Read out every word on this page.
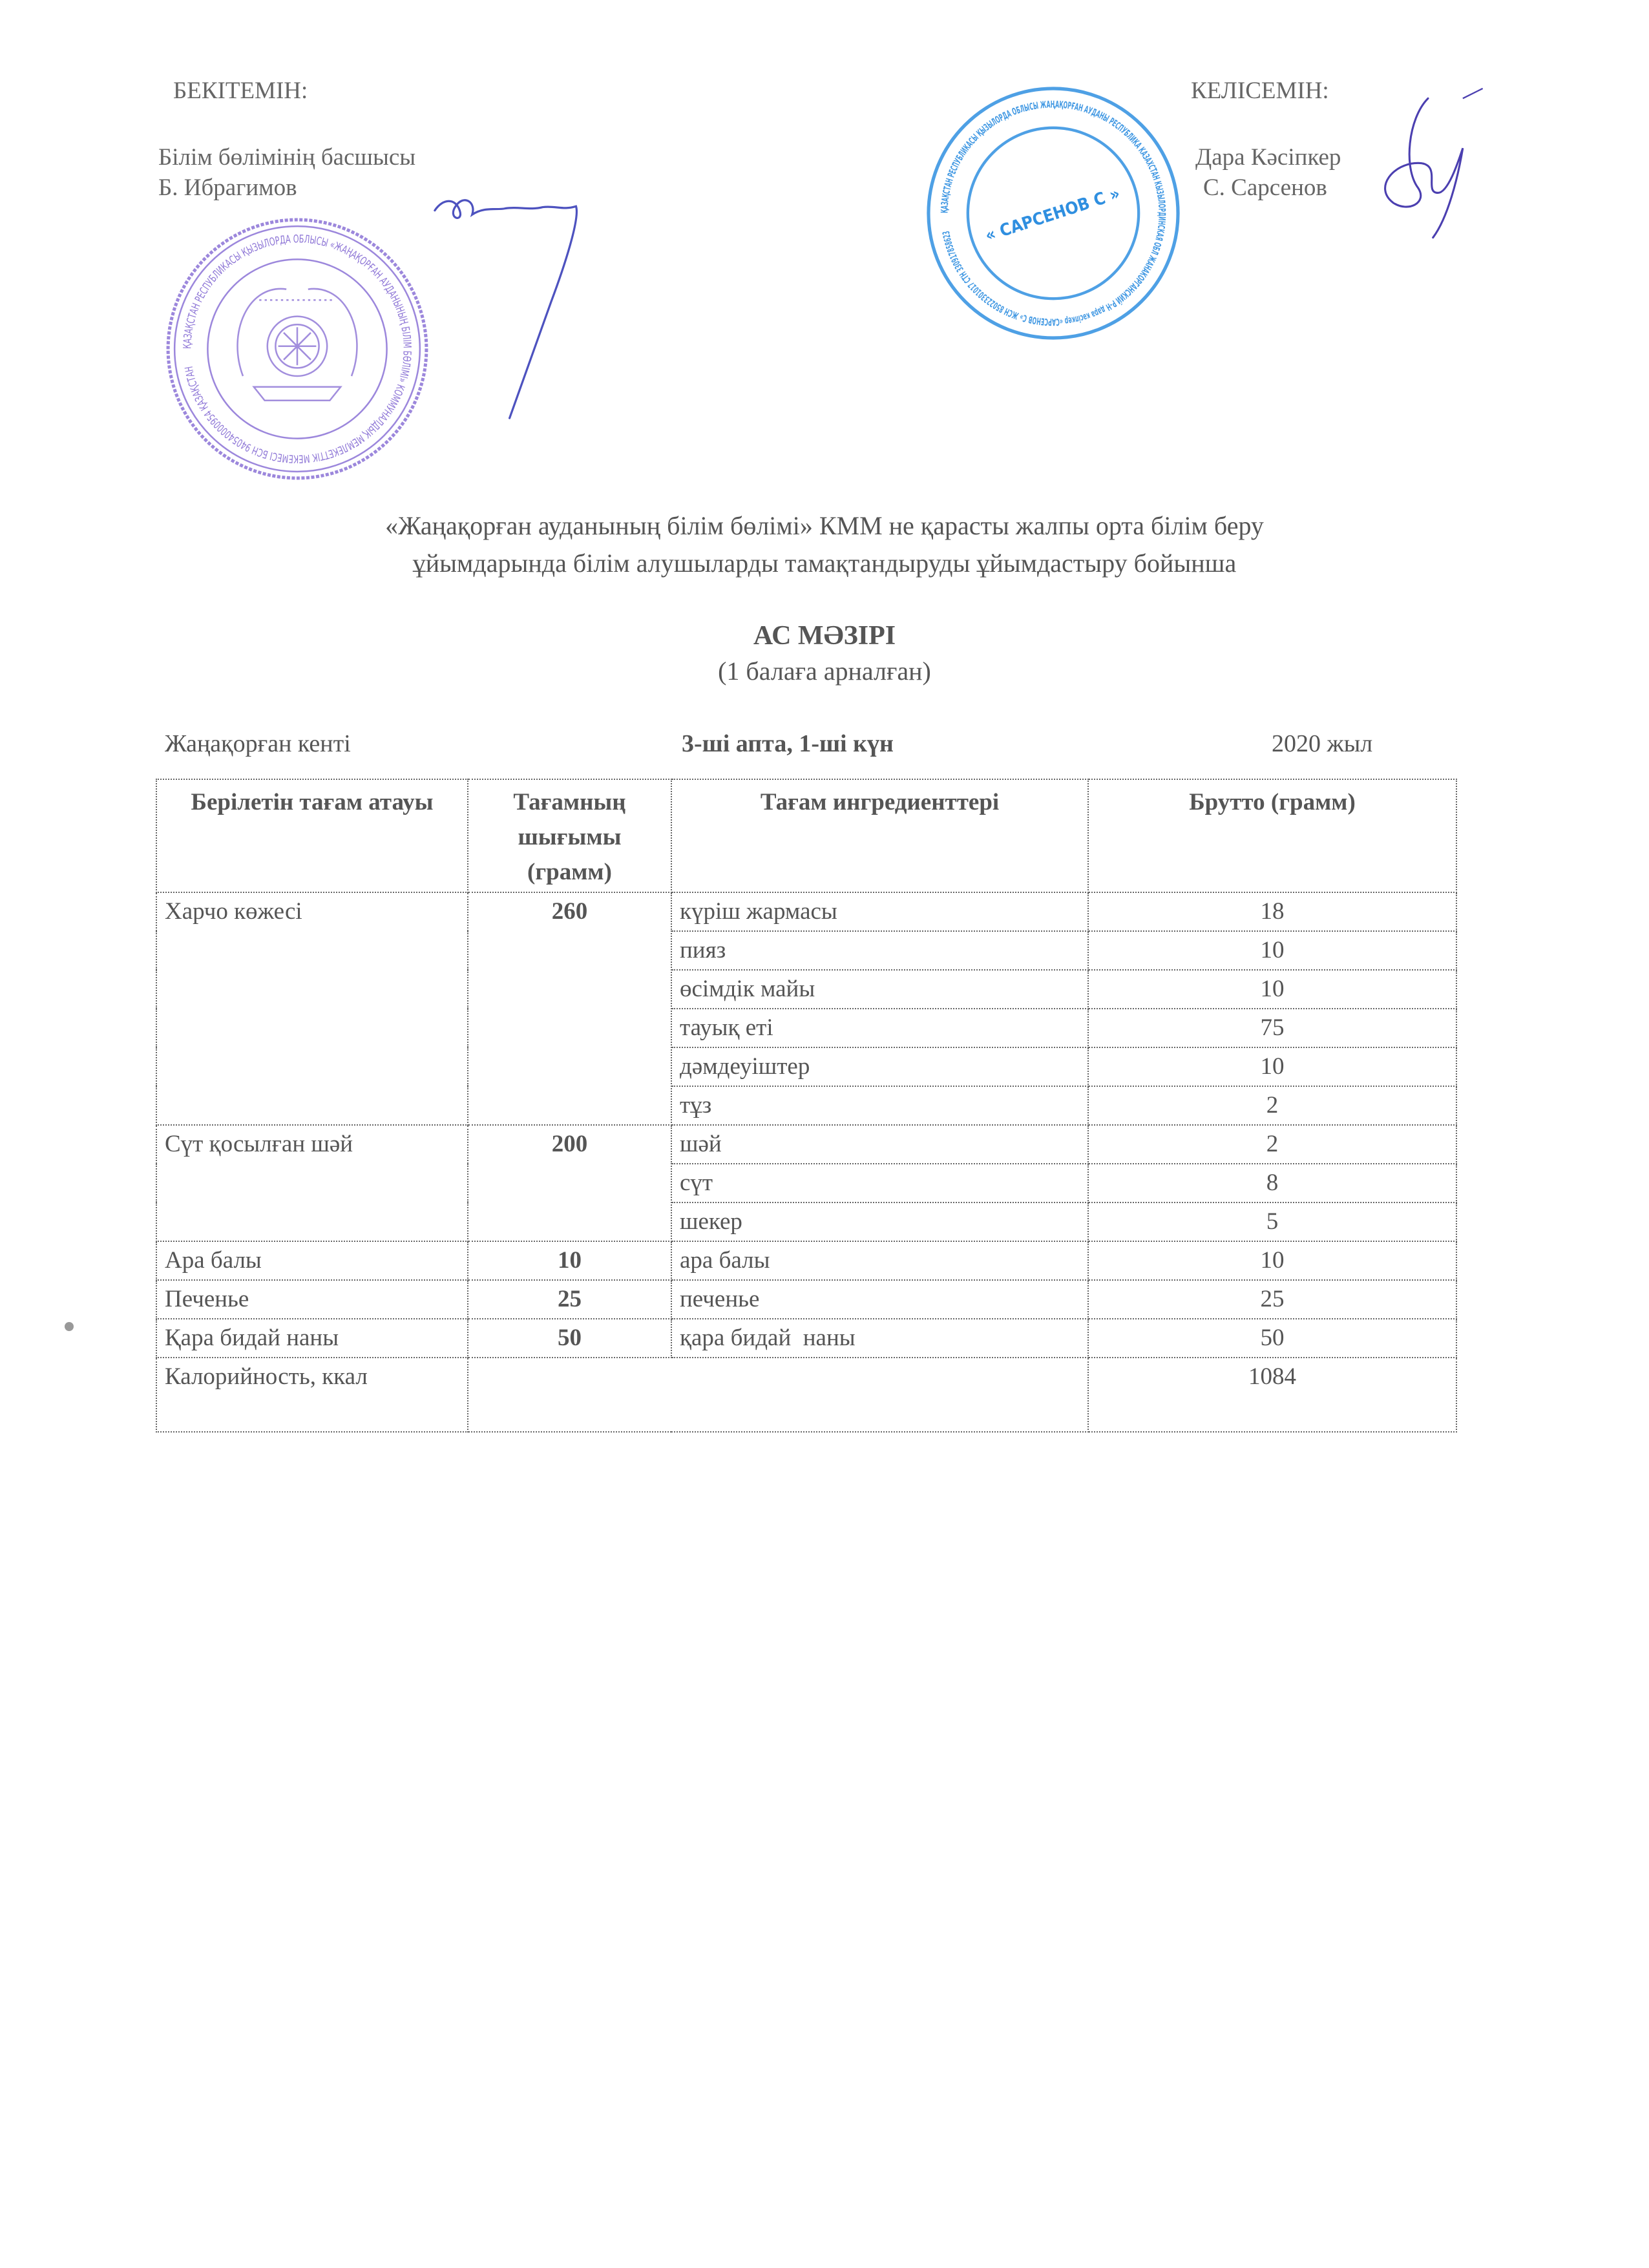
БЕКІТЕМІН:
Білім бөлімінің басшысы
Б. Ибрагимов
ҚАЗАҚСТАН РЕСПУБЛИКАСЫ ҚЫЗЫЛОРДА ОБЛЫСЫ «ЖАҢАҚОРҒАН АУДАНЫНЫҢ БІЛІМ БӨЛІМІ» КОММУНАЛДЫҚ МЕМЛЕКЕТТІК МЕКЕМЕСІ БСН 940540000954 ҚАЗАҚСТАН
КЕЛІСЕМІН:
Дара Кәсіпкер
С. Сарсенов
ҚАЗАҚСТАН РЕСПУБЛИКАСЫ ҚЫЗЫЛОРДА ОБЛЫСЫ ЖАҢАҚОРҒАН АУДАНЫ РЕСПУБЛИКА КАЗАХСТАН КЫЗЫЛОРДИНСКАЯ ОБЛ ЖАНАКОРГАНСКИЙ Р-Н дара кәсіпкер «САРСЕНОВ С» ЖСН 850223301017 СТН 330917858623	« САРСЕНОВ С »
«Жаңақорған ауданының білім бөлімі» КММ не қарасты жалпы орта білім беру
ұйымдарында білім алушыларды тамақтандыруды ұйымдастыру бойынша
АС МӘЗІРІ
(1 балаға арналған)
Жаңақорған кенті	3-ші апта, 1-ші күн	2020 жыл
Берілетін тағам атауы	Тағамның шығымы (грамм)	Тағам ингредиенттері	Брутто (грамм)
Харчо көжесі	260	күріш жармасы	18
		пияз	10
		өсімдік майы	10
		тауық еті	75
		дәмдеуіштер	10
		тұз	2
Сүт қосылған шәй	200	шәй	2
		сүт	8
		шекер	5
Ара балы	10	ара балы	10
Печенье	25	печенье	25
Қара бидай наны	50	қара бидай  наны	50
Калорийность, ккал			1084
